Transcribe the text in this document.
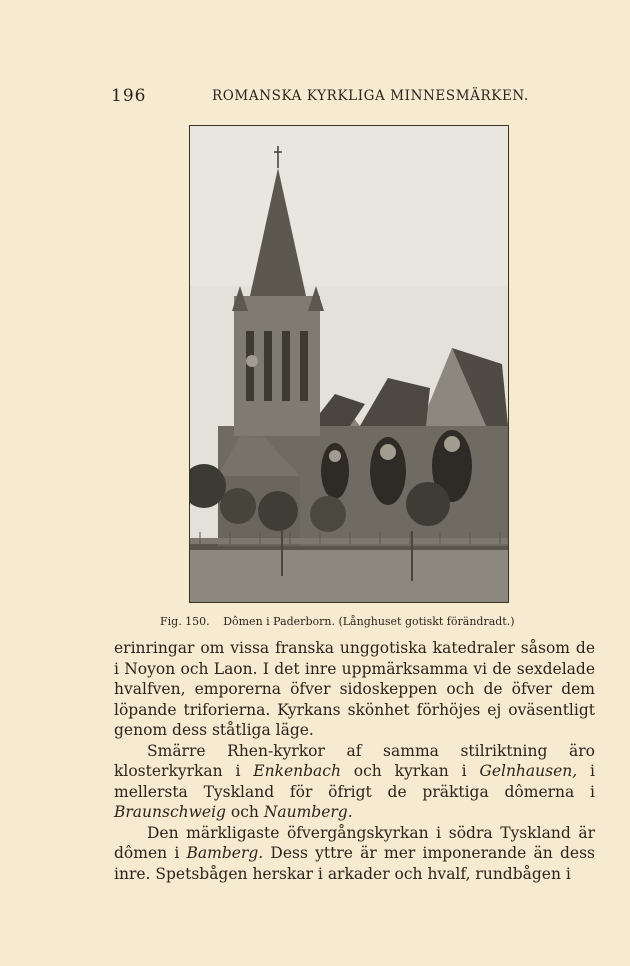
196	ROMANSKA KYRKLIGA MINNESMÄRKEN.
Fig. 150. Dômen i Paderborn. (Långhuset gotiskt förändradt.)

erinringar om vissa franska unggotiska katedraler såsom de i Noyon och Laon. I det inre uppmärksamma vi de sexdelade hvalfven, emporerna öfver sidoskeppen och de öfver dem löpande triforierna. Kyrkans skönhet förhöjes ej oväsentligt genom dess ståtliga läge.

Smärre Rhen-kyrkor af samma stilriktning äro klosterkyrkan i Enkenbach och kyrkan i Gelnhausen, i mellersta Tyskland för öfrigt de präktiga dômerna i Braunschweig och Naumberg.

Den märkligaste öfvergångskyrkan i södra Tyskland är dômen i Bamberg. Dess yttre är mer imponerande än dess inre. Spetsbågen herskar i arkader och hvalf, rundbågen i
